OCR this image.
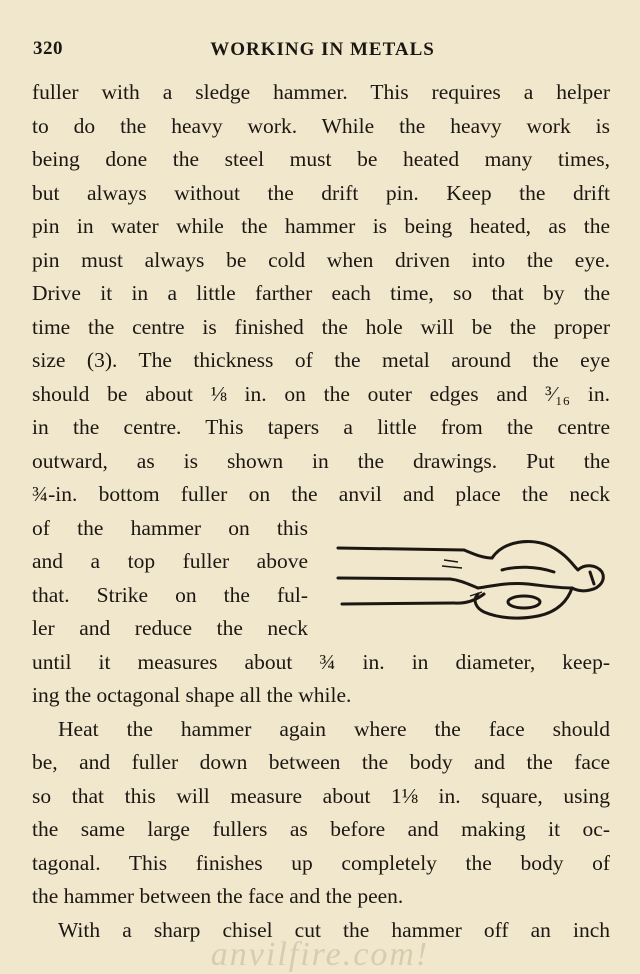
320	WORKING IN METALS
fuller with a sledge hammer. This requires a helper
to do the heavy work. While the heavy work is
being done the steel must be heated many times,
but always without the drift pin. Keep the drift
pin in water while the hammer is being heated, as the
pin must always be cold when driven into the eye.
Drive it in a little farther each time, so that by the
time the centre is finished the hole will be the proper
size (3). The thickness of the metal around the eye
should be about ⅛ in. on the outer edges and ³⁄₁₆ in.
in the centre. This tapers a little from the centre
outward, as is shown in the drawings. Put the
¾-in. bottom fuller on the anvil and place the neck
of the hammer on this
and a top fuller above
that. Strike on the ful-
ler and reduce the neck
until it measures about ¾ in. in diameter, keep-
ing the octagonal shape all the while.
Heat the hammer again where the face should
be, and fuller down between the body and the face
so that this will measure about 1⅛ in. square, using
the same large fullers as before and making it oc-
tagonal. This finishes up completely the body of
the hammer between the face and the peen.
With a sharp chisel cut the hammer off an inch
anvilfire.com!
